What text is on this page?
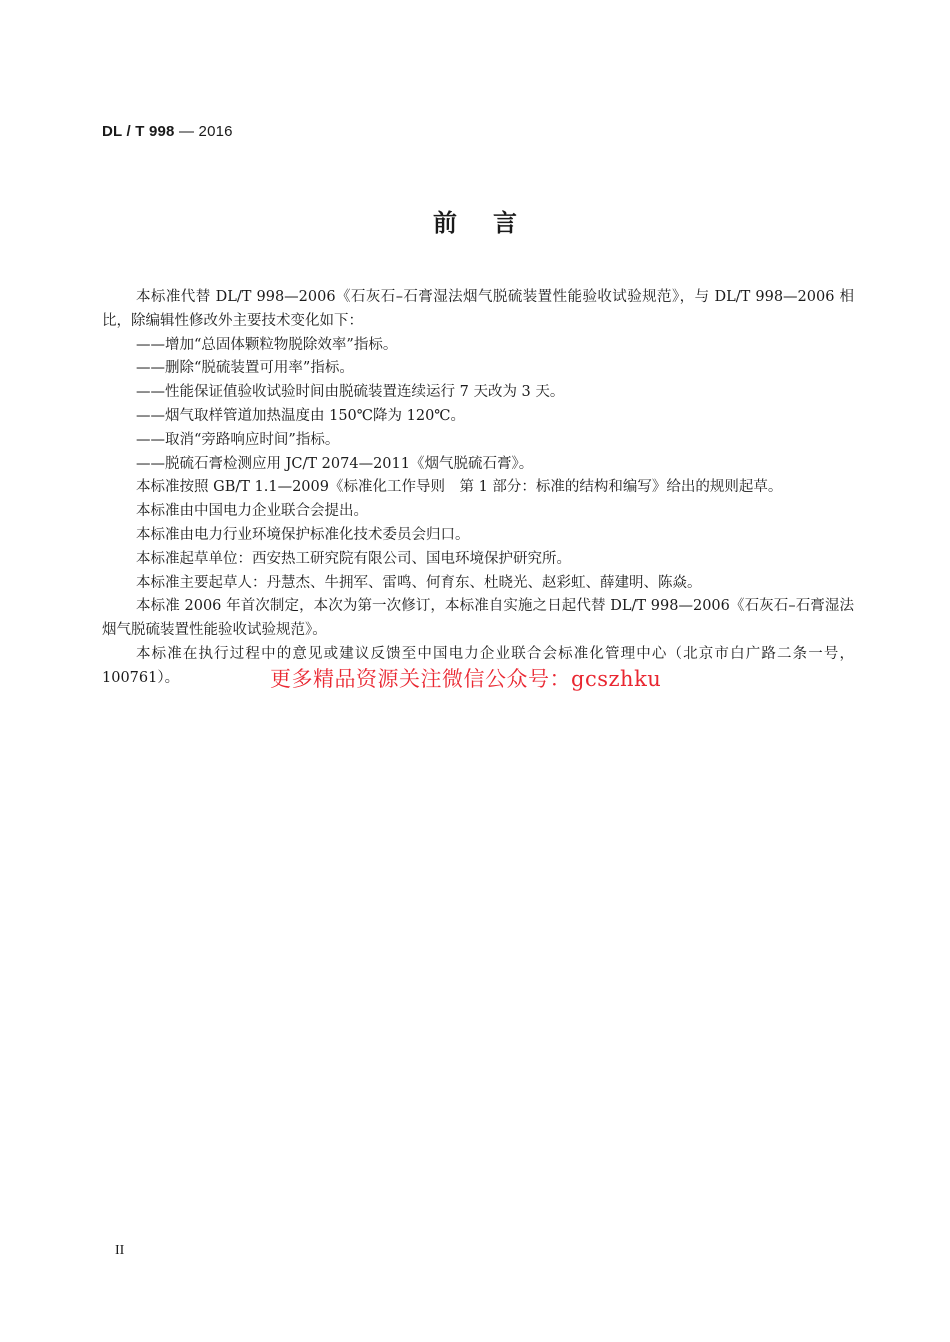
DL / T 998 — 2016
前言

本标准代替 DL/T 998—2006《石灰石–石膏湿法烟气脱硫装置性能验收试验规范》，与 DL/T 998—2006 相比，除编辑性修改外主要技术变化如下：

——增加“总固体颗粒物脱除效率”指标。

——删除“脱硫装置可用率”指标。

——性能保证值验收试验时间由脱硫装置连续运行 7 天改为 3 天。

——烟气取样管道加热温度由 150℃降为 120℃。

——取消“旁路响应时间”指标。

——脱硫石膏检测应用 JC/T 2074—2011《烟气脱硫石膏》。

本标准按照 GB/T 1.1—2009《标准化工作导则　第 1 部分：标准的结构和编写》给出的规则起草。

本标准由中国电力企业联合会提出。

本标准由电力行业环境保护标准化技术委员会归口。

本标准起草单位：西安热工研究院有限公司、国电环境保护研究所。

本标准主要起草人：丹慧杰、牛拥军、雷鸣、何育东、杜晓光、赵彩虹、薛建明、陈焱。

本标准 2006 年首次制定，本次为第一次修订，本标准自实施之日起代替 DL/T 998—2006《石灰石–石膏湿法烟气脱硫装置性能验收试验规范》。

本标准在执行过程中的意见或建议反馈至中国电力企业联合会标准化管理中心（北京市白广路二条一号，100761）。	更多精品资源关注微信公众号：gcszhku
II
